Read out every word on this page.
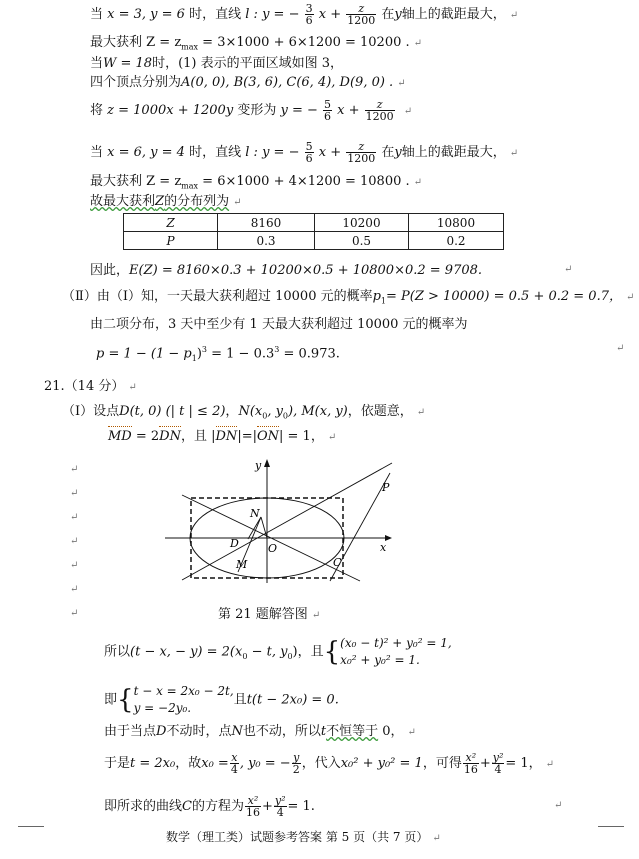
当 x = 3, y = 6 时，直线 l : y = − $\frac{3}{6}$ $x + \frac{z}{1200}$ 在y轴上的截距最大， ↵
最大获利 $Z = z_{max} = 3\times 1000 + 6\times 1200 = 10200$ . ↵
当W = 18时，(1) 表示的平面区域如图 3，
四个顶点分别为A(0, 0), B(3, 6), C(6, 4), D(9, 0) . ↵
将 z = 1000x + 1200y 变形为 y = − $\frac{5}{6}$ $x + \frac{z}{1200}$ ↵
当 x = 6, y = 4 时，直线 l : y = − $\frac{5}{6}$ $x + \frac{z}{1200}$ 在y轴上的截距最大， ↵
最大获利 $Z = z_{max} = 6\times 1000 + 4\times 1200 = 10800$ . ↵
故最大获利Z的分布列为 ↵
Z	8160	10200	10800
P	0.3	0.5	0.2
因此，E(Z) = 8160×0.3 + 10200×0.5 + 10800×0.2 = 9708.	↵
（Ⅱ）由（Ⅰ）知，一天最大获利超过 10000 元的概率$p_1= P(Z > 10000) = 0.5 + 0.2 = 0.7$， ↵
由二项分布，3 天中至少有 1 天最大获利超过 10000 元的概率为
$p = 1 - (1 - p_1)^3 = 1 - 0.3^3 = 0.973$.	↵
21.（14 分） ↵
（Ⅰ）设点D(t, 0) (| t | ≤ 2)，$N(x_0$, $y_0$), M(x, y)，依题意， ↵
MD = 2DN，且 |DN|=|ON| = 1， ↵
↵
↵
↵
↵
↵
↵
↵
y
x
P
N
D	O
M	C
第 21 题解答图 ↵
所以(t − x, − $y) = 2(x_0 - t$, $y_0$)，且{(x₀ − t)² + y₀² = 1,
x₀² + y₀² = 1.
即{t − x = 2x₀ − 2t,
y = −2y₀.且t(t − 2x₀) = 0.
由于当点D不动时，点N也不动，所以t不恒等于 0， ↵
于是t = 2x₀，故$x_0 = \frac{x}{4}$ , y₀ = − $\frac{y}{2}$ ，代入x₀² + y₀² = 1，可得 $\frac{\text{x²}}{16} + \frac{\text{y²}}{4} = 1$， ↵
即所求的曲线C的方程为 $\frac{\text{x²}}{16} + \frac{\text{y²}}{4} = 1$.	↵
数学（理工类）试题参考答案 第 5 页（共 7 页） ↵
